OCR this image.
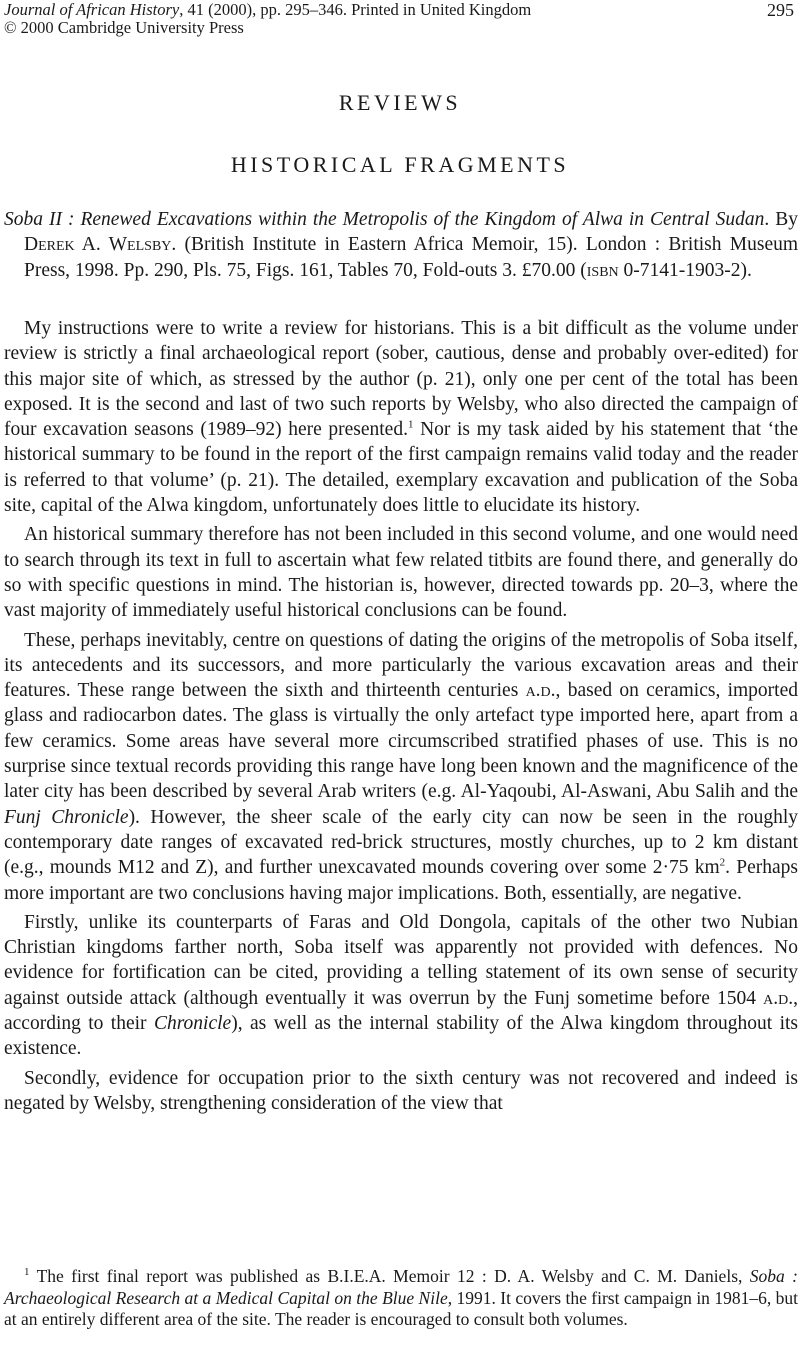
Journal of African History, 41 (2000), pp. 295–346. Printed in United Kingdom
© 2000 Cambridge University Press
295
REVIEWS
HISTORICAL FRAGMENTS
Soba II : Renewed Excavations within the Metropolis of the Kingdom of Alwa in Central Sudan. By Derek A. Welsby. (British Institute in Eastern Africa Memoir, 15). London : British Museum Press, 1998. Pp. 290, Pls. 75, Figs. 161, Tables 70, Fold-outs 3. £70.00 (isbn 0-7141-1903-2).

My instructions were to write a review for historians. This is a bit difficult as the volume under review is strictly a final archaeological report (sober, cautious, dense and probably over-edited) for this major site of which, as stressed by the author (p. 21), only one per cent of the total has been exposed. It is the second and last of two such reports by Welsby, who also directed the campaign of four excavation seasons (1989–92) here presented.$^1$ Nor is my task aided by his statement that ‘the historical summary to be found in the report of the first campaign remains valid today and the reader is referred to that volume’ (p. 21). The detailed, exemplary excavation and publication of the Soba site, capital of the Alwa kingdom, unfortunately does little to elucidate its history.

An historical summary therefore has not been included in this second volume, and one would need to search through its text in full to ascertain what few related titbits are found there, and generally do so with specific questions in mind. The historian is, however, directed towards pp. 20–3, where the vast majority of immediately useful historical conclusions can be found.

These, perhaps inevitably, centre on questions of dating the origins of the metropolis of Soba itself, its antecedents and its successors, and more particularly the various excavation areas and their features. These range between the sixth and thirteenth centuries a.d., based on ceramics, imported glass and radiocarbon dates. The glass is virtually the only artefact type imported here, apart from a few ceramics. Some areas have several more circumscribed stratified phases of use. This is no surprise since textual records providing this range have long been known and the magnificence of the later city has been described by several Arab writers (e.g. Al-Yaqoubi, Al-Aswani, Abu Salih and the Funj Chronicle). However, the sheer scale of the early city can now be seen in the roughly contemporary date ranges of excavated red-brick structures, mostly churches, up to 2 km distant (e.g., mounds M12 and Z), and further unexcavated mounds covering over some 2·75 $km^2$. Perhaps more important are two conclusions having major implications. Both, essentially, are negative.

Firstly, unlike its counterparts of Faras and Old Dongola, capitals of the other two Nubian Christian kingdoms farther north, Soba itself was apparently not provided with defences. No evidence for fortification can be cited, providing a telling statement of its own sense of security against outside attack (although eventually it was overrun by the Funj sometime before 1504 a.d., according to their Chronicle), as well as the internal stability of the Alwa kingdom throughout its existence.

Secondly, evidence for occupation prior to the sixth century was not recovered and indeed is negated by Welsby, strengthening consideration of the view that

$^1$ The first final report was published as B.I.E.A. Memoir 12 : D. A. Welsby and C. M. Daniels, Soba : Archaeological Research at a Medical Capital on the Blue Nile, 1991. It covers the first campaign in 1981–6, but at an entirely different area of the site. The reader is encouraged to consult both volumes.
